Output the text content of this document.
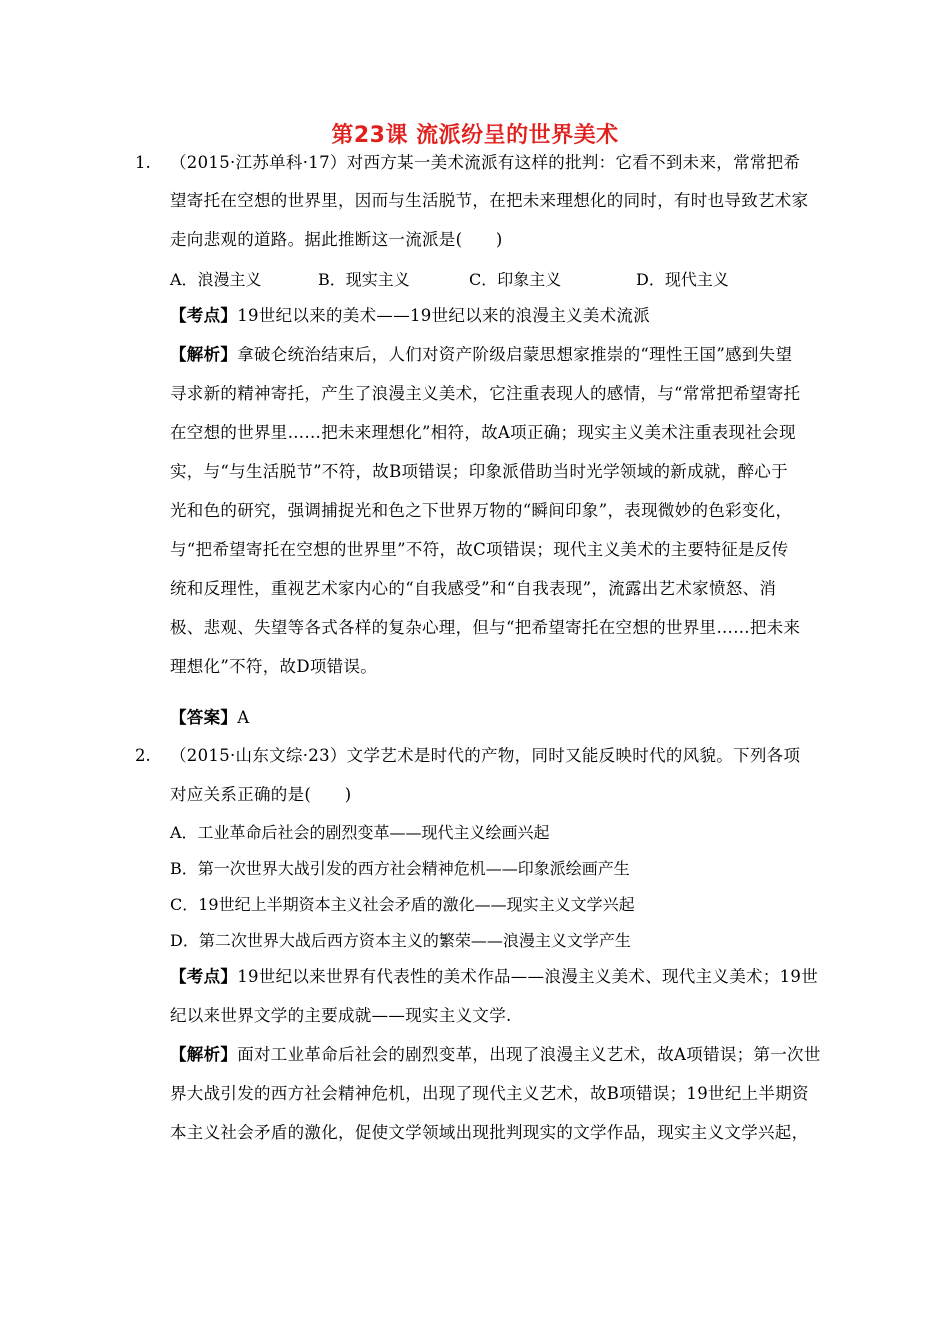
第23课 流派纷呈的世界美术
1. （2015·江苏单科·17）对西方某一美术流派有这样的批判：它看不到未来，常常把希
望寄托在空想的世界里，因而与生活脱节，在把未来理想化的同时，有时也导致艺术家
走向悲观的道路。据此推断这一流派是(　　)
A．浪漫主义	B．现实主义	C．印象主义	D．现代主义
【考点】19世纪以来的美术——19世纪以来的浪漫主义美术流派
【解析】拿破仑统治结束后，人们对资产阶级启蒙思想家推崇的“理性王国”感到失望
寻求新的精神寄托，产生了浪漫主义美术，它注重表现人的感情，与“常常把希望寄托
在空想的世界里……把未来理想化”相符，故A项正确；现实主义美术注重表现社会现
实，与“与生活脱节”不符，故B项错误；印象派借助当时光学领域的新成就，醉心于
光和色的研究，强调捕捉光和色之下世界万物的“瞬间印象”，表现微妙的色彩变化，
与“把希望寄托在空想的世界里”不符，故C项错误；现代主义美术的主要特征是反传
统和反理性，重视艺术家内心的“自我感受”和“自我表现”，流露出艺术家愤怒、消
极、悲观、失望等各式各样的复杂心理，但与“把希望寄托在空想的世界里……把未来
理想化”不符，故D项错误。
【答案】A
2. （2015·山东文综·23）文学艺术是时代的产物，同时又能反映时代的风貌。下列各项
对应关系正确的是(　　)
A．工业革命后社会的剧烈变革——现代主义绘画兴起
B．第一次世界大战引发的西方社会精神危机——印象派绘画产生
C．19世纪上半期资本主义社会矛盾的激化——现实主义文学兴起
D．第二次世界大战后西方资本主义的繁荣——浪漫主义文学产生
【考点】19世纪以来世界有代表性的美术作品——浪漫主义美术、现代主义美术；19世
纪以来世界文学的主要成就——现实主义文学.
【解析】面对工业革命后社会的剧烈变革，出现了浪漫主义艺术，故A项错误；第一次世
界大战引发的西方社会精神危机，出现了现代主义艺术，故B项错误；19世纪上半期资
本主义社会矛盾的激化，促使文学领域出现批判现实的文学作品，现实主义文学兴起，
